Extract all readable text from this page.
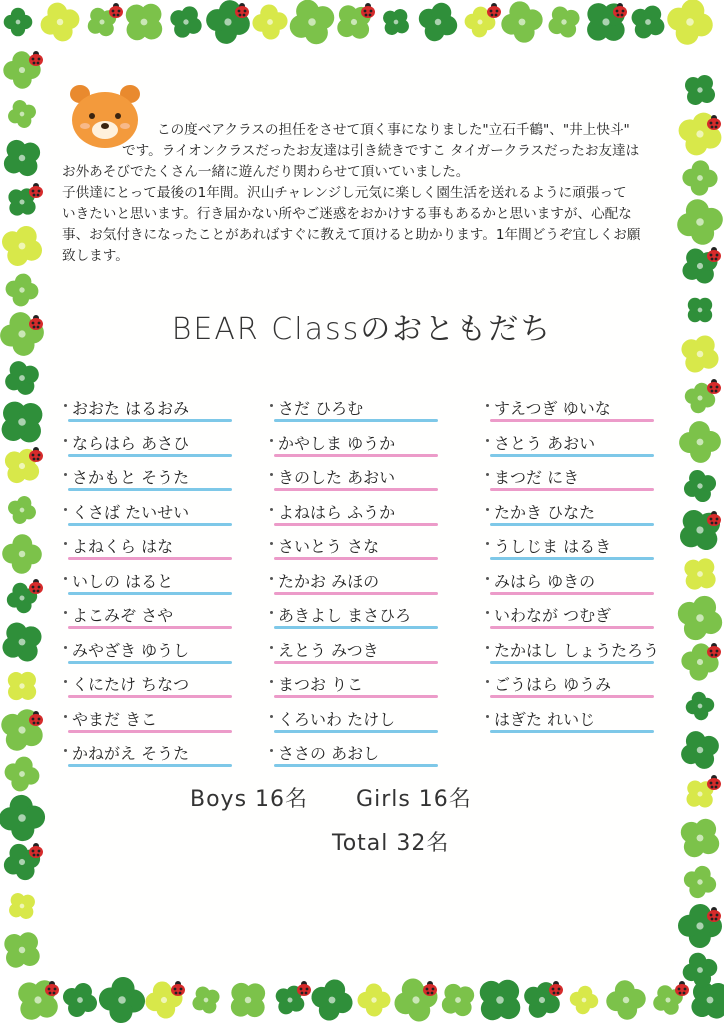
この度ベアクラスの担任をさせて頂く事になりました"立石千鶴"、"井上快斗"

です。ライオンクラスだったお友達は引き続きですこ タイガークラスだったお友達は

お外あそびでたくさん一緒に遊んだり関わらせて頂いていました。

子供達にとって最後の1年間。沢山チャレンジし元気に楽しく園生活を送れるように頑張って

いきたいと思います。行き届かない所やご迷惑をおかけする事もあるかと思いますが、心配な

事、お気付きになったことがあればすぐに教えて頂けると助かります。1年間どうぞ宜しくお願

致します。

BEAR Classのおともだち
おおた はるおみ
ならはら あさひ
さかもと そうた
くさば たいせい
よねくら はな
いしの はると
よこみぞ さや
みやざき ゆうし
くにたけ ちなつ
やまだ きこ
かねがえ そうた
さだ ひろむ
かやしま ゆうか
きのした あおい
よねはら ふうか
さいとう さな
たかお みほの
あきよし まさひろ
えとう みつき
まつお りこ
くろいわ たけし
ささの あおし
すえつぎ ゆいな
さとう あおい
まつだ にき
たかき ひなた
うしじま はるき
みはら ゆきの
いわなが つむぎ
たかはし しょうたろう
ごうはら ゆうみ
はぎた れいじ
Boys 16名 Girls 16名
Total 32名
